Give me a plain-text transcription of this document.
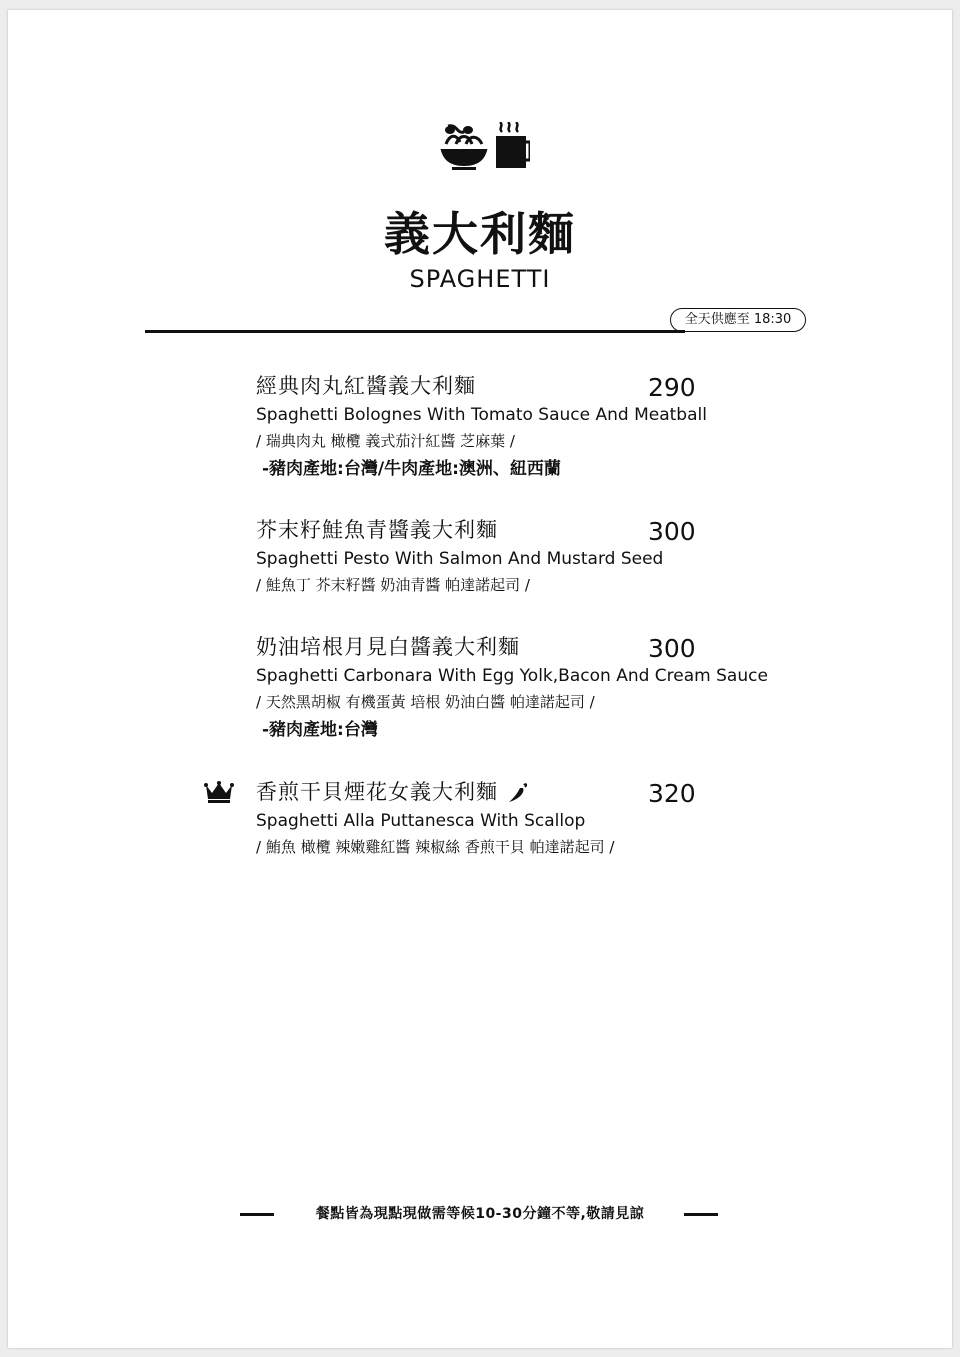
義大利麵
SPAGHETTI
全天供應至 18:30
經典肉丸紅醬義大利麵	290
Spaghetti Bolognes With Tomato Sauce And Meatball
/ 瑞典肉丸 橄欖 義式茄汁紅醬 芝麻葉 /
-豬肉產地:台灣/牛肉產地:澳洲、紐西蘭
芥末籽鮭魚青醬義大利麵	300
Spaghetti Pesto With Salmon And Mustard Seed
/ 鮭魚丁 芥末籽醬 奶油青醬 帕達諾起司 /
奶油培根月見白醬義大利麵	300
Spaghetti Carbonara With Egg Yolk,Bacon And Cream Sauce
/ 天然黑胡椒 有機蛋黃 培根 奶油白醬 帕達諾起司 /
-豬肉產地:台灣
香煎干貝煙花女義大利麵	320
Spaghetti Alla Puttanesca With Scallop
/ 鮪魚 橄欖 辣嫩雞紅醬 辣椒絲 香煎干貝 帕達諾起司 /
餐點皆為現點現做需等候10-30分鐘不等,敬請見諒
